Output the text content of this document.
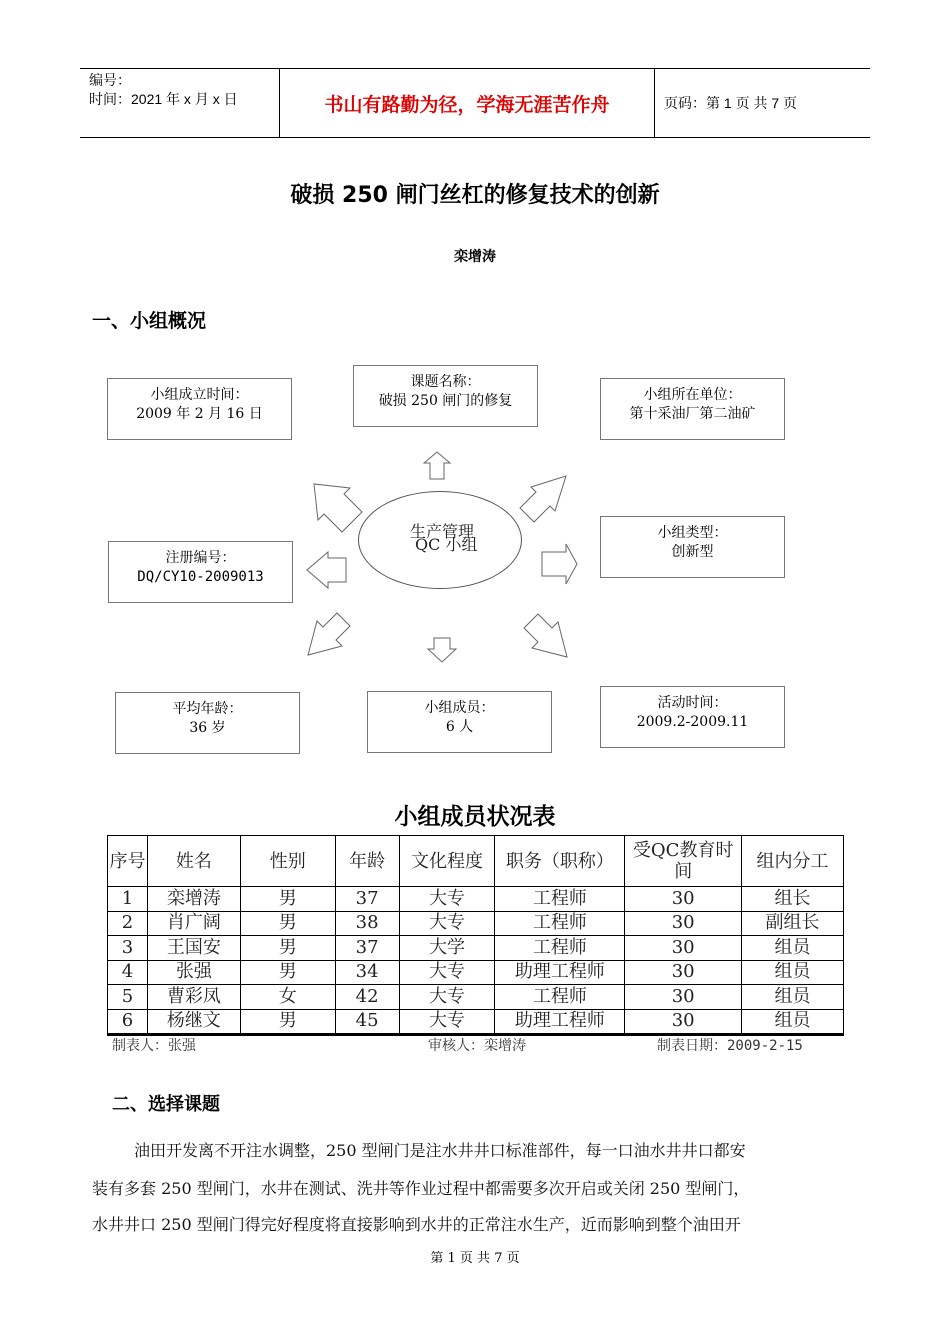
编号：
时间：2021 年 x 月 x 日	书山有路勤为径，学海无涯苦作舟	页码：第 1 页 共 7 页
破损 250 闸门丝杠的修复技术的创新
栾增涛
一、小组概况
生产管理
QC 小组
小组成立时间：
2009 年 2 月 16 日
课题名称：
破损 250 闸门的修复	小组所在单位：
第十采油厂第二油矿
小组类型：
创新型
注册编号：
DQ/CY10-2009013
活动时间：
2009.2-2009.11
小组成员：
6 人
平均年龄：
36 岁
小组成员状况表
序号	姓名	性别	年龄	文化程度	职务（职称）	受QC教育时间	组内分工
1	栾增涛	男	37	大专	工程师	30	组长
2	肖广阔	男	38	大专	工程师	30	副组长
3	王国安	男	37	大学	工程师	30	组员
4	张强	男	34	大专	助理工程师	30	组员
5	曹彩凤	女	42	大专	工程师	30	组员
6	杨继文	男	45	大专	助理工程师	30	组员
制表人：张强	审核人：栾增涛	制表日期：2009-2-15
二、选择课题
油田开发离不开注水调整，250 型闸门是注水井井口标准部件，每一口油水井井口都安
装有多套 250 型闸门，水井在测试、洗井等作业过程中都需要多次开启或关闭 250 型闸门，
水井井口 250 型闸门得完好程度将直接影响到水井的正常注水生产，近而影响到整个油田开
第 1 页 共 7 页
